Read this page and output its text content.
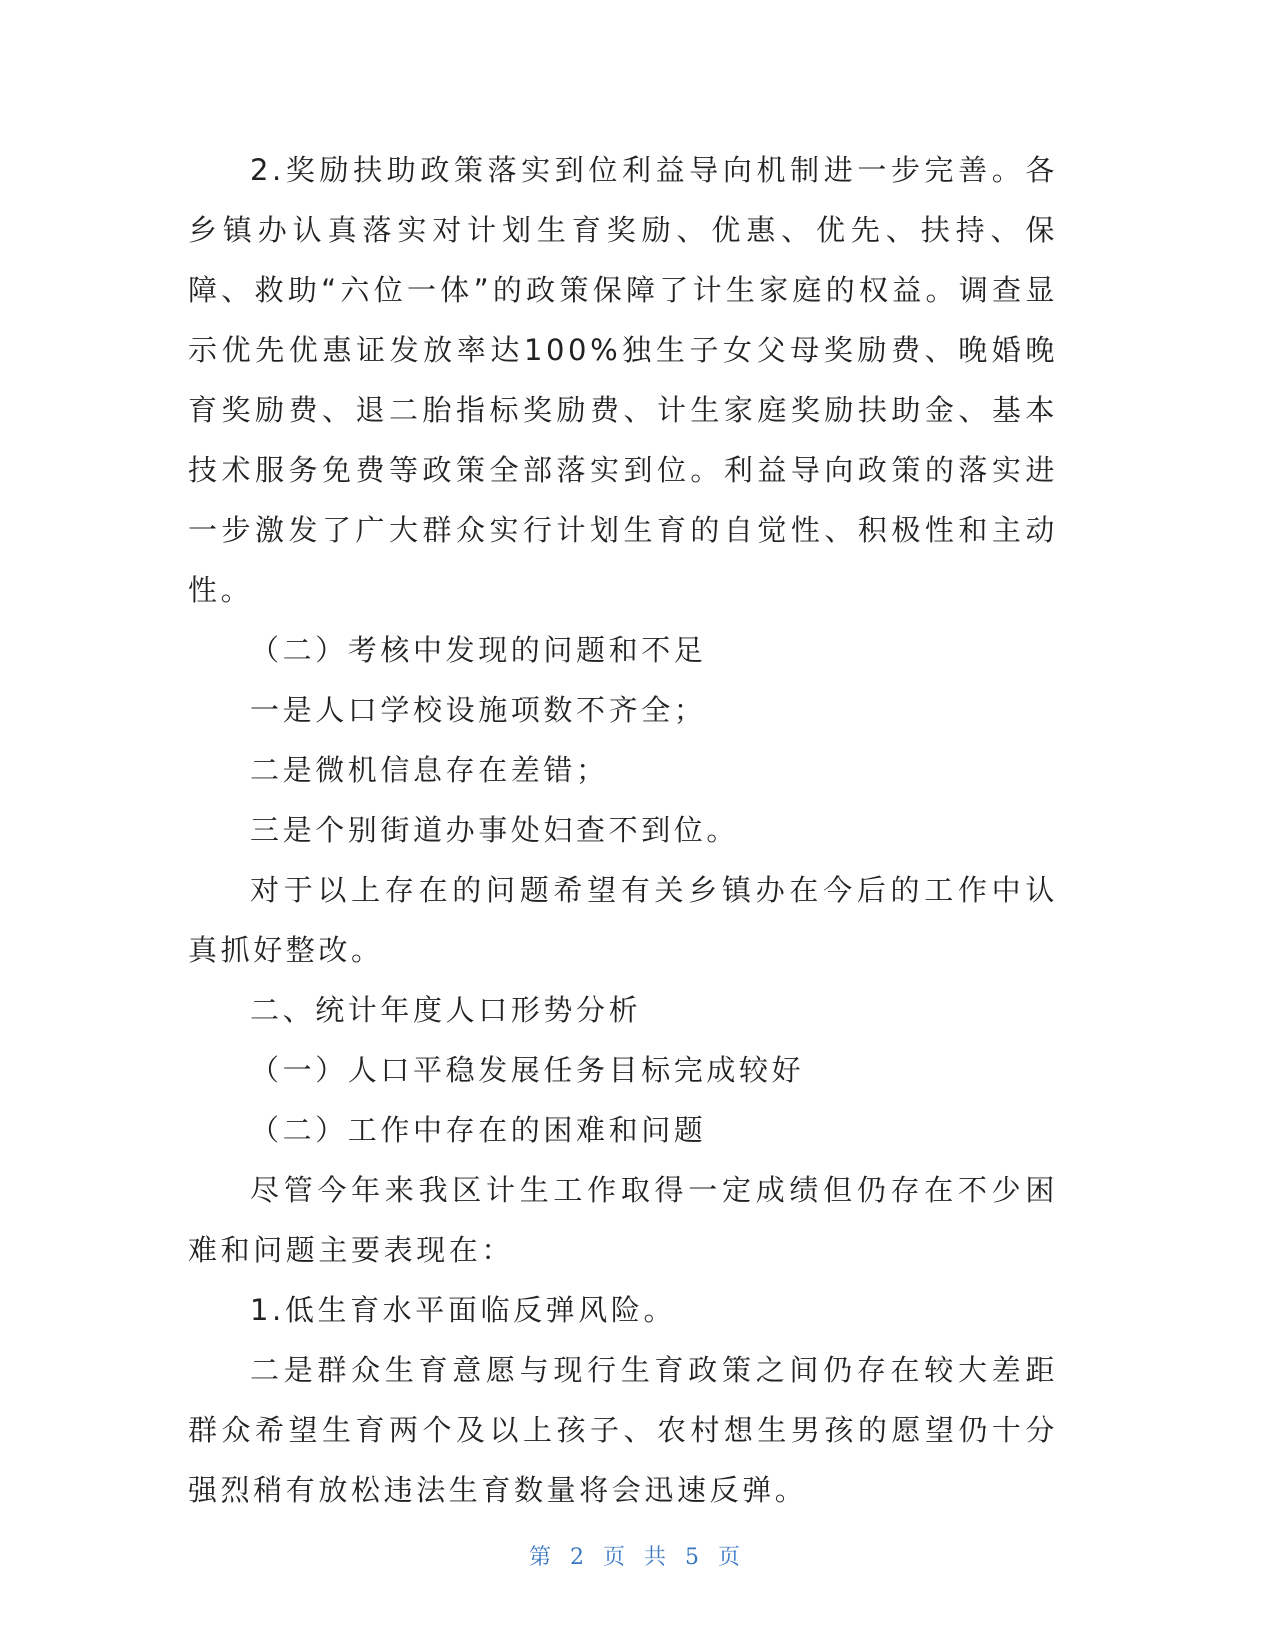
2.奖励扶助政策落实到位利益导向机制进一步完善。各乡镇办认真落实对计划生育奖励、优惠、优先、扶持、保障、救助“六位一体”的政策保障了计生家庭的权益。调查显示优先优惠证发放率达100%独生子女父母奖励费、晚婚晚育奖励费、退二胎指标奖励费、计生家庭奖励扶助金、基本技术服务免费等政策全部落实到位。利益导向政策的落实进一步激发了广大群众实行计划生育的自觉性、积极性和主动性。

（二）考核中发现的问题和不足

一是人口学校设施项数不齐全；

二是微机信息存在差错；

三是个别街道办事处妇查不到位。

对于以上存在的问题希望有关乡镇办在今后的工作中认真抓好整改。

二、统计年度人口形势分析

（一）人口平稳发展任务目标完成较好

（二）工作中存在的困难和问题

尽管今年来我区计生工作取得一定成绩但仍存在不少困难和问题主要表现在：

1.低生育水平面临反弹风险。

二是群众生育意愿与现行生育政策之间仍存在较大差距群众希望生育两个及以上孩子、农村想生男孩的愿望仍十分强烈稍有放松违法生育数量将会迅速反弹。

第 2 页 共 5 页
